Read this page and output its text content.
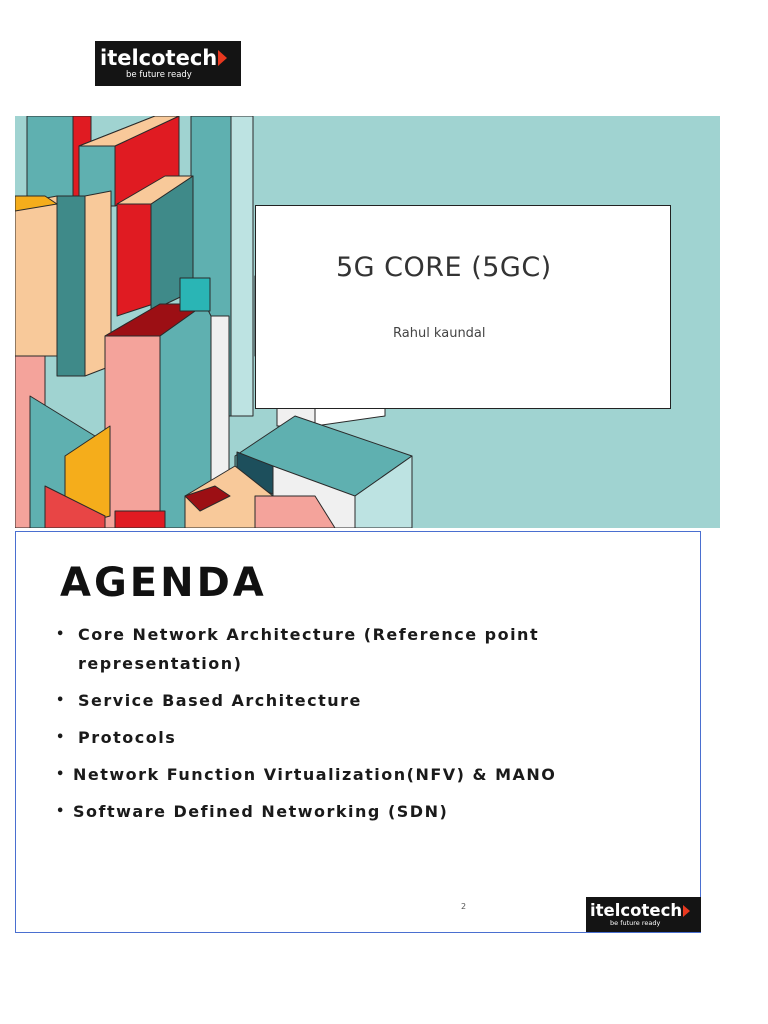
itelcotech
be future ready
5G CORE (5GC)
Rahul kaundal
AGENDA
• Core Network Architecture (Reference point representation)
• Service Based Architecture
• Protocols
• Network Function Virtualization(NFV) & MANO
• Software Defined Networking (SDN)
2	itelcotech
be future ready
